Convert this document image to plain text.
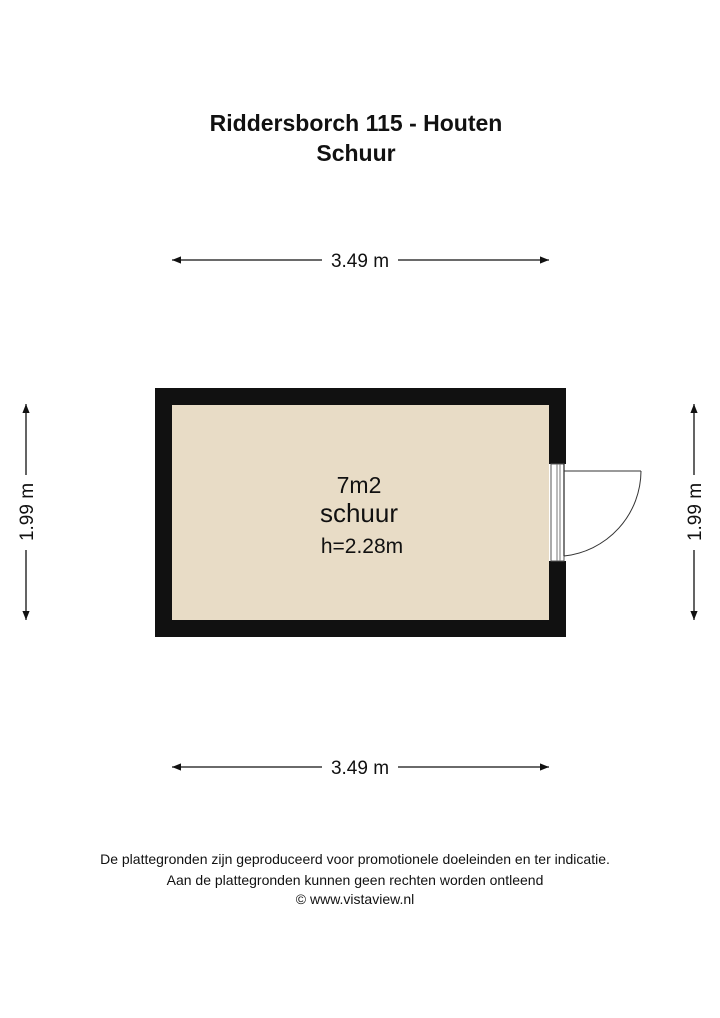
Riddersborch 115 - Houten
Schuur
3.49 m
3.49 m
1.99 m	1.99 m
7m2
schuur
h=2.28m
De plattegronden zijn geproduceerd voor promotionele doeleinden en ter indicatie.
Aan de plattegronden kunnen geen rechten worden ontleend
© www.vistaview.nl
